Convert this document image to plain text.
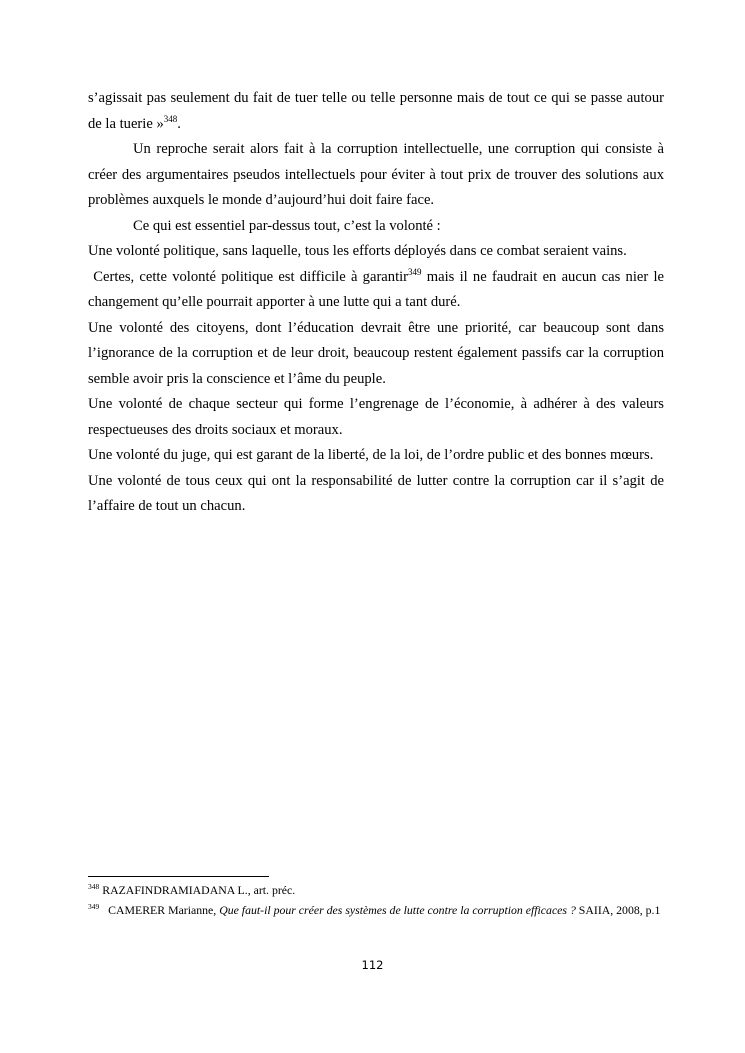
s’agissait pas seulement du fait de tuer telle ou telle personne mais de tout ce qui se passe autour de la tuerie »$^{348}$.

Un reproche serait alors fait à la corruption intellectuelle, une corruption qui consiste à créer des argumentaires pseudos intellectuels pour éviter à tout prix de trouver des solutions aux problèmes auxquels le monde d’aujourd’hui doit faire face.

Ce qui est essentiel par-dessus tout, c’est la volonté :

Une volonté politique, sans laquelle, tous les efforts déployés dans ce combat seraient vains.

Certes, cette volonté politique est difficile à garantir$^{349}$ mais il ne faudrait en aucun cas nier le changement qu’elle pourrait apporter à une lutte qui a tant duré.

Une volonté des citoyens, dont l’éducation devrait être une priorité, car beaucoup sont dans l’ignorance de la corruption et de leur droit, beaucoup restent également passifs car la corruption semble avoir pris la conscience et l’âme du peuple.

Une volonté de chaque secteur qui forme l’engrenage de l’économie, à adhérer à des valeurs respectueuses des droits sociaux et moraux.

Une volonté du juge, qui est garant de la liberté, de la loi, de l’ordre public et des bonnes mœurs.

Une volonté de tous ceux qui ont la responsabilité de lutter contre la corruption car il s’agit de l’affaire de tout un chacun.

$^{348}$ RAZAFINDRAMIADANA L., art. préc.

$^{349}$ CAMERER Marianne, Que faut-il pour créer des systèmes de lutte contre la corruption efficaces ? SAIIA, 2008, p.1

112
